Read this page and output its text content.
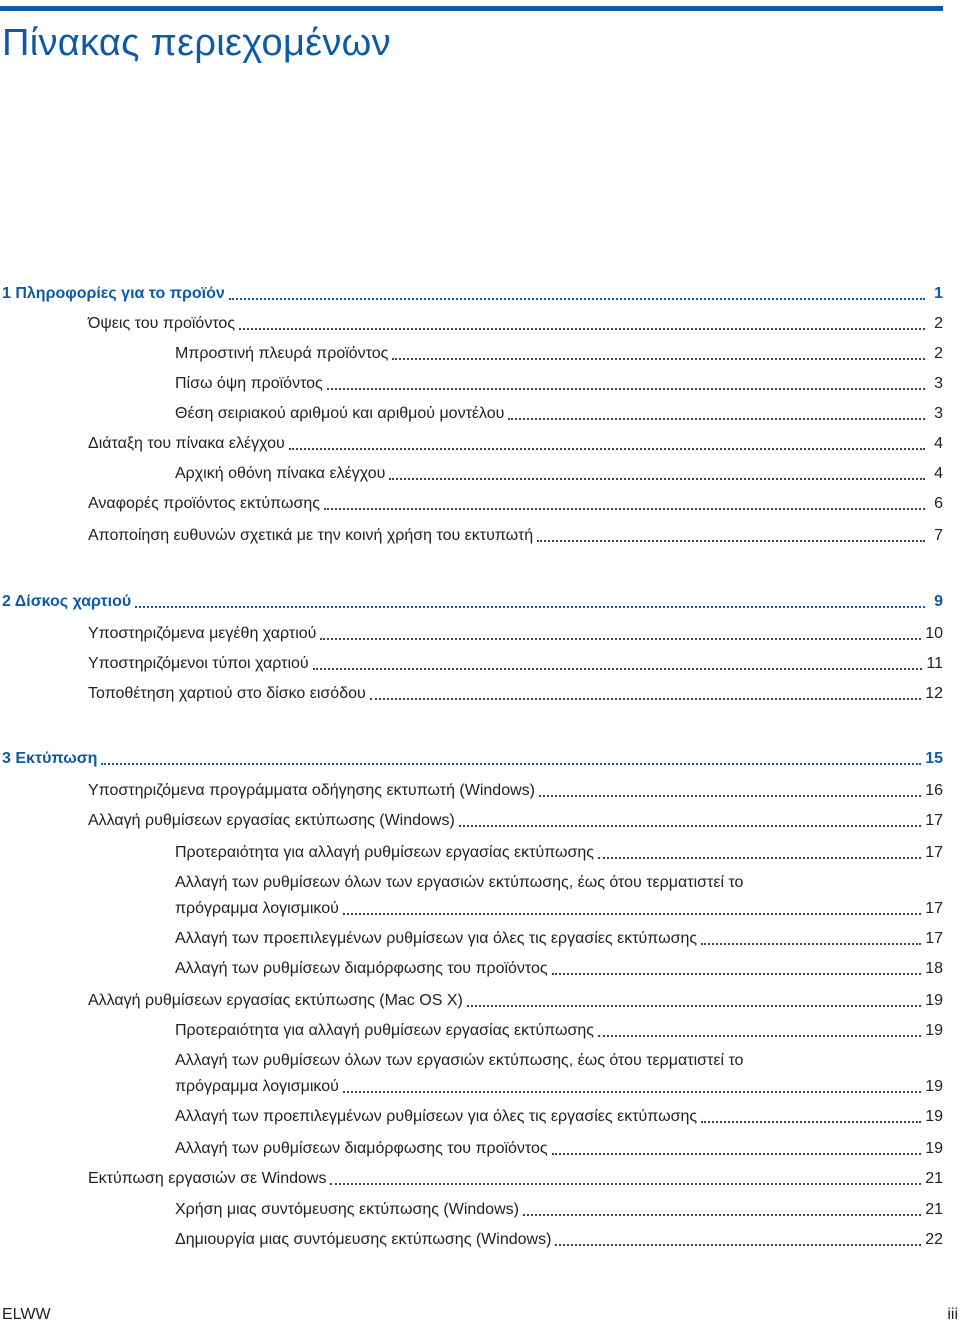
Πίνακας περιεχομένων
1 Πληροφορίες για το προϊόν	1
Όψεις του προϊόντος	2
Μπροστινή πλευρά προϊόντος	2
Πίσω όψη προϊόντος	3
Θέση σειριακού αριθμού και αριθμού μοντέλου	3
Διάταξη του πίνακα ελέγχου	4
Αρχική οθόνη πίνακα ελέγχου	4
Αναφορές προϊόντος εκτύπωσης	6
Αποποίηση ευθυνών σχετικά με την κοινή χρήση του εκτυπωτή	7
2 Δίσκος χαρτιού	9
Υποστηριζόμενα μεγέθη χαρτιού	10
Υποστηριζόμενοι τύποι χαρτιού	11
Τοποθέτηση χαρτιού στο δίσκο εισόδου	12
3 Εκτύπωση	15
Υποστηριζόμενα προγράμματα οδήγησης εκτυπωτή (Windows)	16
Αλλαγή ρυθμίσεων εργασίας εκτύπωσης (Windows)	17
Προτεραιότητα για αλλαγή ρυθμίσεων εργασίας εκτύπωσης	17
Αλλαγή των ρυθμίσεων όλων των εργασιών εκτύπωσης, έως ότου τερματιστεί το
πρόγραμμα λογισμικού	17
Αλλαγή των προεπιλεγμένων ρυθμίσεων για όλες τις εργασίες εκτύπωσης	17
Αλλαγή των ρυθμίσεων διαμόρφωσης του προϊόντος	18
Αλλαγή ρυθμίσεων εργασίας εκτύπωσης (Mac OS X)	19
Προτεραιότητα για αλλαγή ρυθμίσεων εργασίας εκτύπωσης	19
Αλλαγή των ρυθμίσεων όλων των εργασιών εκτύπωσης, έως ότου τερματιστεί το
πρόγραμμα λογισμικού	19
Αλλαγή των προεπιλεγμένων ρυθμίσεων για όλες τις εργασίες εκτύπωσης	19
Αλλαγή των ρυθμίσεων διαμόρφωσης του προϊόντος	19
Εκτύπωση εργασιών σε Windows	21
Χρήση μιας συντόμευσης εκτύπωσης (Windows)	21
Δημιουργία μιας συντόμευσης εκτύπωσης (Windows)	22
ELWW	iii
